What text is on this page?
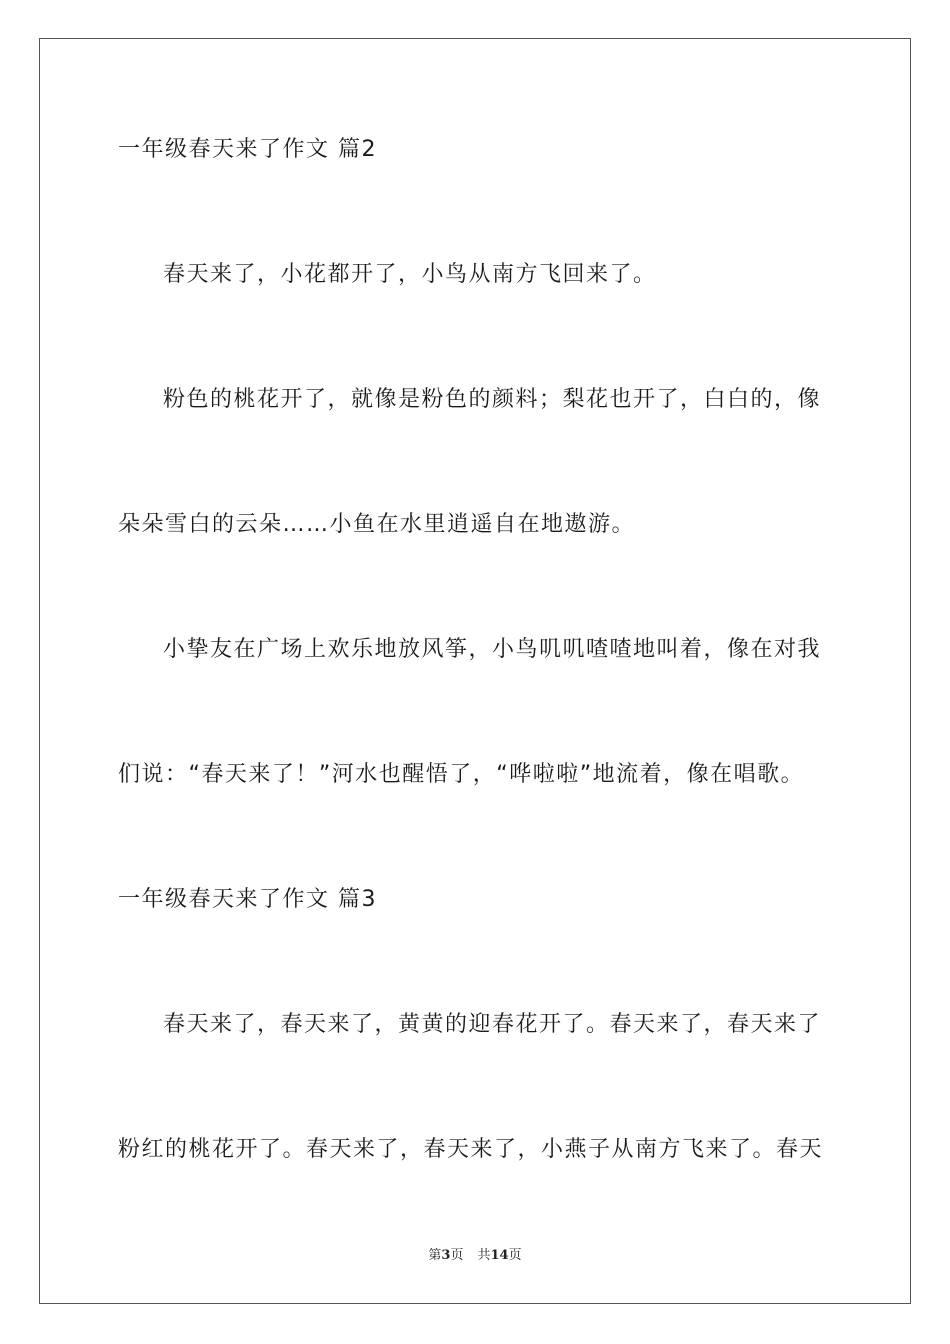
一年级春天来了作文 篇2
春天来了，小花都开了，小鸟从南方飞回来了。
粉色的桃花开了，就像是粉色的颜料；梨花也开了，白白的，像
朵朵雪白的云朵……小鱼在水里逍遥自在地遨游。
小挚友在广场上欢乐地放风筝，小鸟叽叽喳喳地叫着，像在对我
们说：“春天来了！”河水也醒悟了，“哗啦啦”地流着，像在唱歌。
一年级春天来了作文 篇3
春天来了，春天来了，黄黄的迎春花开了。春天来了，春天来了
粉红的桃花开了。春天来了，春天来了，小燕子从南方飞来了。春天
第3页 共14页
